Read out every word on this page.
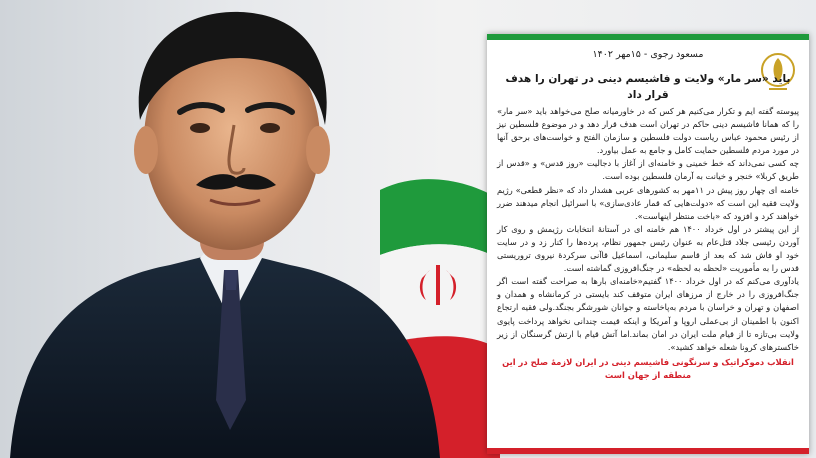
مسعود رجوی - ۱۵مهر ۱۴۰۲
باید «سر مار» ولایت و فاشیسم دینی در تهران را هدف قرار داد

پیوسته گفته ایم و تکرار می‌کنیم هر کس که در خاورمیانه صلح می‌خواهد باید «سر مار» را که همانا فاشیسم دینی حاکم در تهران است هدف قرار دهد و در موضوع فلسطین نیز از رئیس محمود عباس ریاست دولت فلسطین و سازمان الفتح و خواست‌های برحق آنها در مورد مردم فلسطین حمایت کامل و جامع به عمل بیاورد.

چه کسی نمی‌داند که خط خمینی و خامنه‌ای از آغاز با دجالیت «روز قدس» و «قدس از طریق کربلا» خنجر و خیانت به آرمان فلسطین بوده است.

خامنه ای چهار روز پیش در ۱۱مهر به کشورهای عربی هشدار داد که «نظر قطعی» رژیم ولایت فقیه این است که «دولت‌هایی که قمار عادی‌سازی» با اسرائیل انجام میدهند ضرر خواهند کرد و افزود که «باخت منتظر اینهاست».

از این پیشتر در اول خرداد ۱۴۰۰ هم خامنه ای در آستانهٔ انتخابات رژیمش و روی کار آوردن رئیسی جلاد قتل‌عام به عنوان رئیس جمهور نظام، پرده‌ها را کنار زد و در سایت خود او فاش شد که بعد از قاسم سلیمانی، اسماعیل قاآنی سرکردهٔ نیروی تروریستی قدس را به مأموریت «لحظه به لحظه» در جنگ‌افروزی گماشته است.

یادآوری می‌کنم که در اول خرداد ۱۴۰۰ گفتیم«خامنه‌ای بارها به صراحت گفته است اگر جنگ‌افروزی را در خارج از مرزهای ایران متوقف کند بایستی در کرمانشاه و همدان و اصفهان و تهران و خراسان با مردم به‌پاخاسته و جوانان شورشگر بجنگد.ولی فقیه ارتجاع اکنون با اطمینان از بی‌عملی اروپا و آمریکا و اینکه قیمت چندانی نخواهد پرداخت پایوی ولایت بی‌تازه تا از قیام ملت ایران در امان بماند.اما آتش قیام با ارتش گرسنگان از زیر خاکسترهای کرونا شعله خواهد کشید».

انقلاب دموکراتیک و سرنگونی فاشیسم دینی در ایران لازمهٔ صلح در این منطقه از جهان است
